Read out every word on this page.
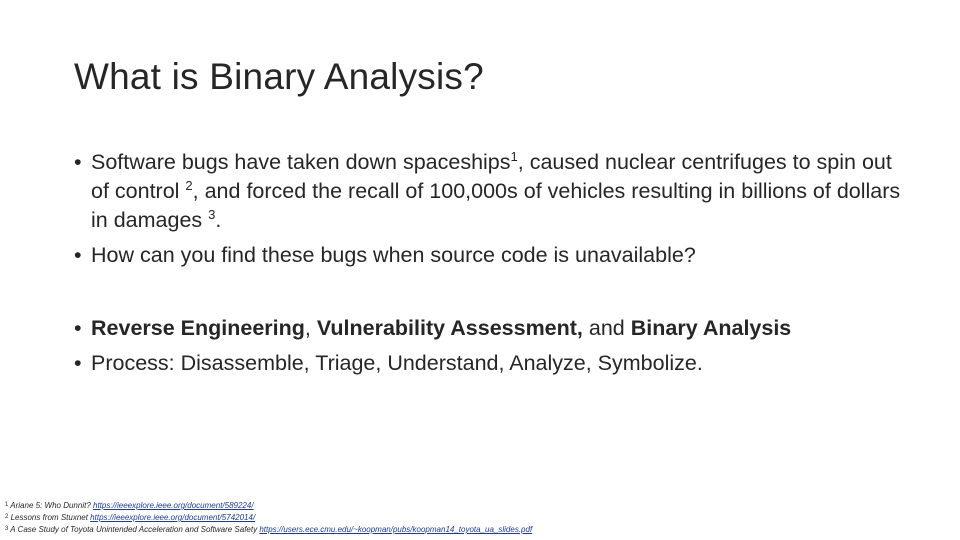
What is Binary Analysis?
• Software bugs have taken down spaceships$^1$, caused nuclear centrifuges to spin out of control $^2$, and forced the recall of 100,000s of vehicles resulting in billions of dollars in damages $^3$.
• How can you find these bugs when source code is unavailable?
• Reverse Engineering, Vulnerability Assessment, and Binary Analysis
• Process: Disassemble, Triage, Understand, Analyze, Symbolize.
$^1$ Ariane 5: Who Dunnit? https://ieeexplore.ieee.org/document/589224/
$^2$ Lessons from Stuxnet https://ieeexplore.ieee.org/document/5742014/
$^3$ A Case Study of Toyota Unintended Acceleration and Software Safety https://users.ece.cmu.edu/~koopman/pubs/koopman14_toyota_ua_slides.pdf
